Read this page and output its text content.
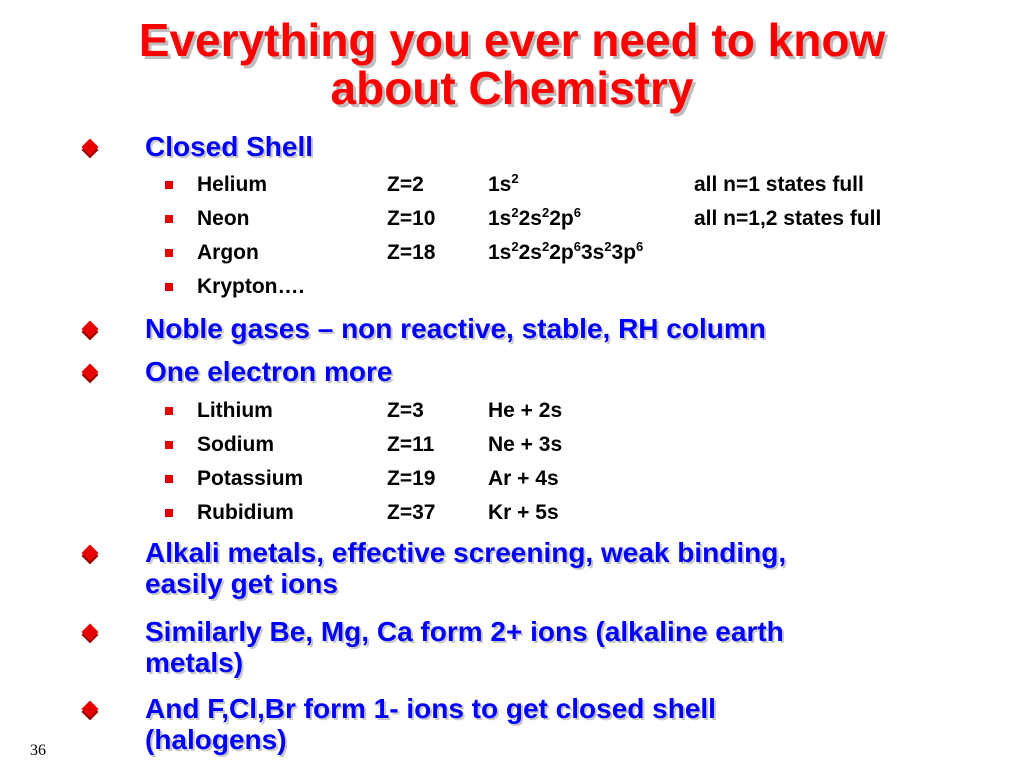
Everything you ever need to know
about Chemistry
Closed Shell
Helium	Z=2	$1s^2$	all n=1 states full
Neon	Z=10	$1s^22s^22p^6$	all n=1,2 states full
Argon	Z=18	$1s^22s^22p^63s^23p^6$
Krypton….
Noble gases – non reactive, stable, RH column
One electron more
Lithium	Z=3	He + 2s
Sodium	Z=11	Ne + 3s
Potassium	Z=19	Ar + 4s
Rubidium	Z=37	Kr + 5s
Alkali metals, effective screening, weak binding,
easily get ions
Similarly Be, Mg, Ca form 2+ ions (alkaline earth
metals)
And F,Cl,Br form 1- ions to get closed shell
(halogens)
36
